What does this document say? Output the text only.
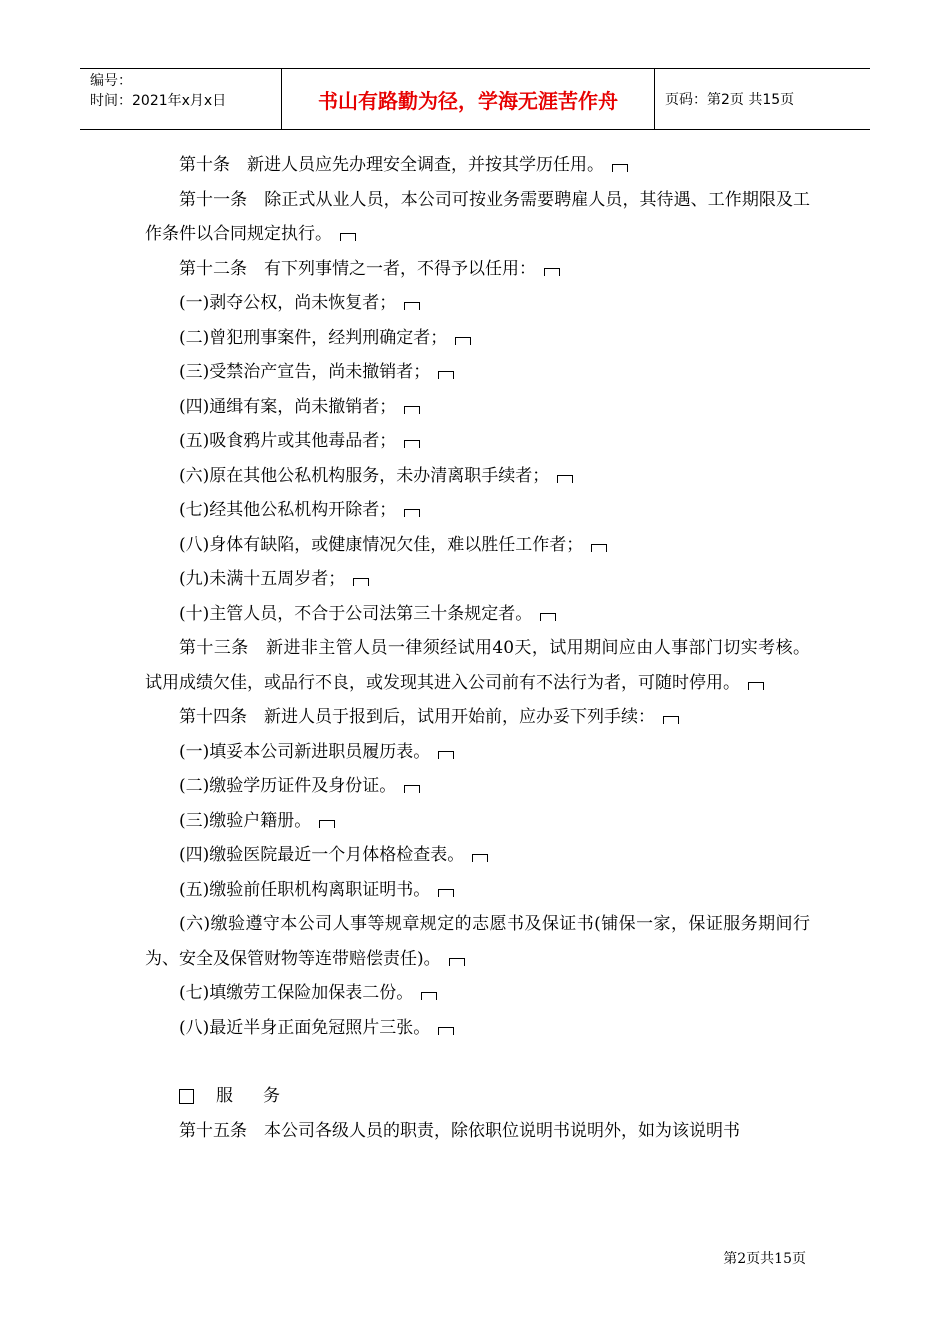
编号：
时间：2021年x月x日	书山有路勤为径，学海无涯苦作舟	页码：第2页 共15页

第十条　新进人员应先办理安全调查，并按其学历任用。

第十一条　除正式从业人员，本公司可按业务需要聘雇人员，其待遇、工作期限及工作条件以合同规定执行。

第十二条　有下列事情之一者，不得予以任用：

(一)剥夺公权，尚未恢复者；

(二)曾犯刑事案件，经判刑确定者；

(三)受禁治产宣告，尚未撤销者；

(四)通缉有案，尚未撤销者；

(五)吸食鸦片或其他毒品者；

(六)原在其他公私机构服务，未办清离职手续者；

(七)经其他公私机构开除者；

(八)身体有缺陷，或健康情况欠佳，难以胜任工作者；

(九)未满十五周岁者；

(十)主管人员，不合于公司法第三十条规定者。

第十三条　新进非主管人员一律须经试用40天，试用期间应由人事部门切实考核。试用成绩欠佳，或品行不良，或发现其进入公司前有不法行为者，可随时停用。

第十四条　新进人员于报到后，试用开始前，应办妥下列手续：

(一)填妥本公司新进职员履历表。

(二)缴验学历证件及身份证。

(三)缴验户籍册。

(四)缴验医院最近一个月体格检查表。

(五)缴验前任职机构离职证明书。

(六)缴验遵守本公司人事等规章规定的志愿书及保证书(铺保一家，保证服务期间行为、安全及保管财物等连带赔偿责任)。

(七)填缴劳工保险加保表二份。

(八)最近半身正面免冠照片三张。

服务

第十五条　本公司各级人员的职责，除依职位说明书说明外，如为该说明书

第2页共15页
